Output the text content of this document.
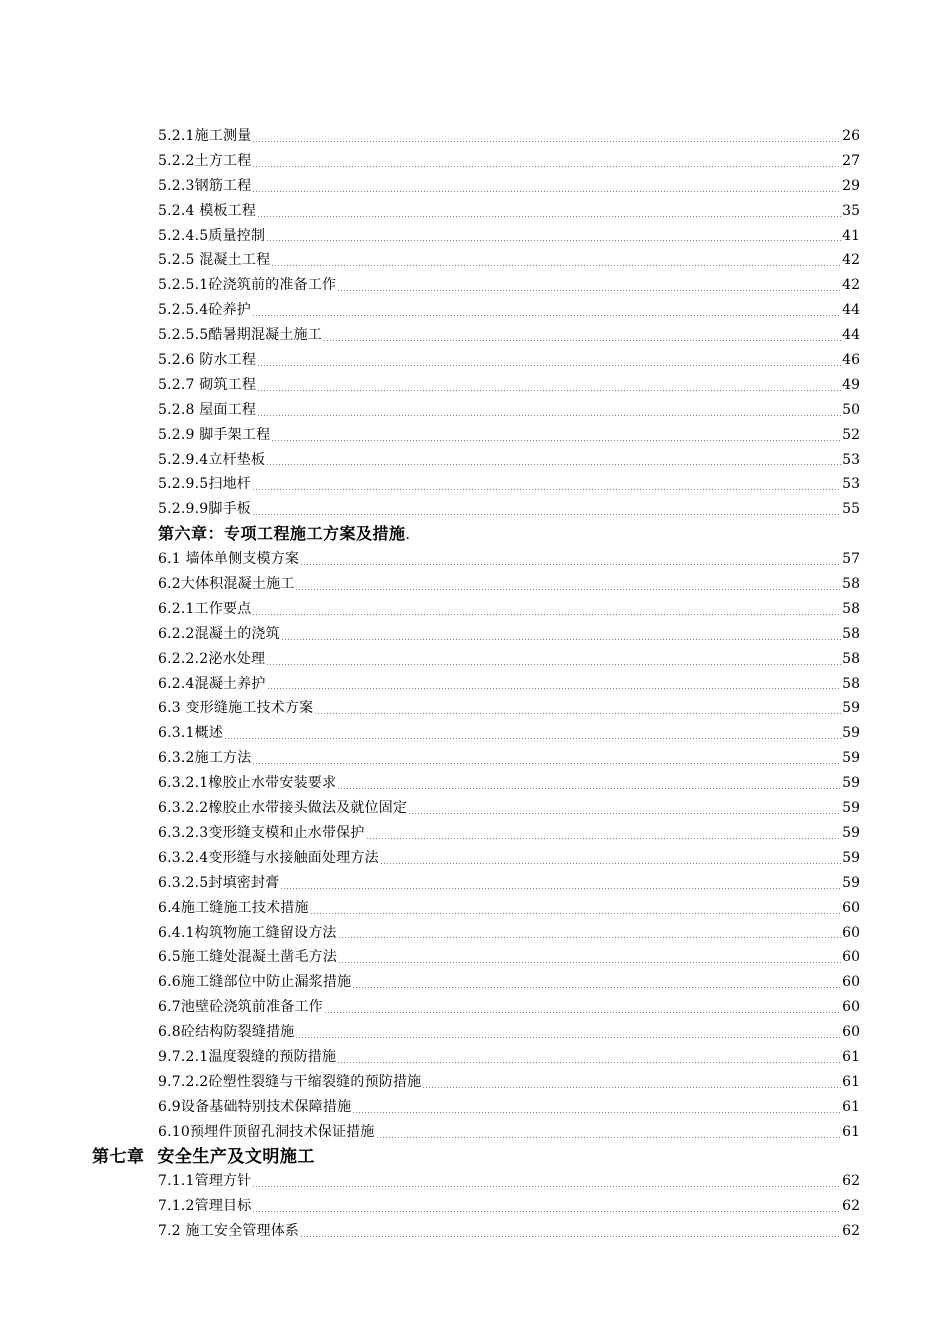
5.2.1施工测量	26
5.2.2土方工程	27
5.2.3钢筋工程	29
5.2.4 模板工程	35
5.2.4.5质量控制	41
5.2.5 混凝土工程	42
5.2.5.1砼浇筑前的准备工作	42
5.2.5.4砼养护	44
5.2.5.5酷暑期混凝土施工	44
5.2.6 防水工程	46
5.2.7 砌筑工程	49
5.2.8 屋面工程	50
5.2.9 脚手架工程	52
5.2.9.4立杆垫板	53
5.2.9.5扫地杆	53
5.2.9.9脚手板	55
第六章：专项工程施工方案及措施 .
6.1 墙体单侧支模方案	57
6.2大体积混凝土施工	58
6.2.1工作要点	58
6.2.2混凝土的浇筑	58
6.2.2.2泌水处理	58
6.2.4混凝土养护	58
6.3 变形缝施工技术方案	59
6.3.1概述	59
6.3.2施工方法	59
6.3.2.1橡胶止水带安装要求	59
6.3.2.2橡胶止水带接头做法及就位固定	59
6.3.2.3变形缝支模和止水带保护	59
6.3.2.4变形缝与水接触面处理方法	59
6.3.2.5封填密封膏	59
6.4施工缝施工技术措施	60
6.4.1构筑物施工缝留设方法	60
6.5施工缝处混凝土凿毛方法	60
6.6施工缝部位中防止漏浆措施	60
6.7池壁砼浇筑前准备工作	60
6.8砼结构防裂缝措施	60
9.7.2.1温度裂缝的预防措施	61
9.7.2.2砼塑性裂缝与干缩裂缝的预防措施	61
6.9设备基础特别技术保障措施	61
6.10预埋件顶留孔洞技术保证措施	61
第七章  安全生产及文明施工
7.1.1管理方针	62
7.1.2管理目标	62
7.2 施工安全管理体系	62
